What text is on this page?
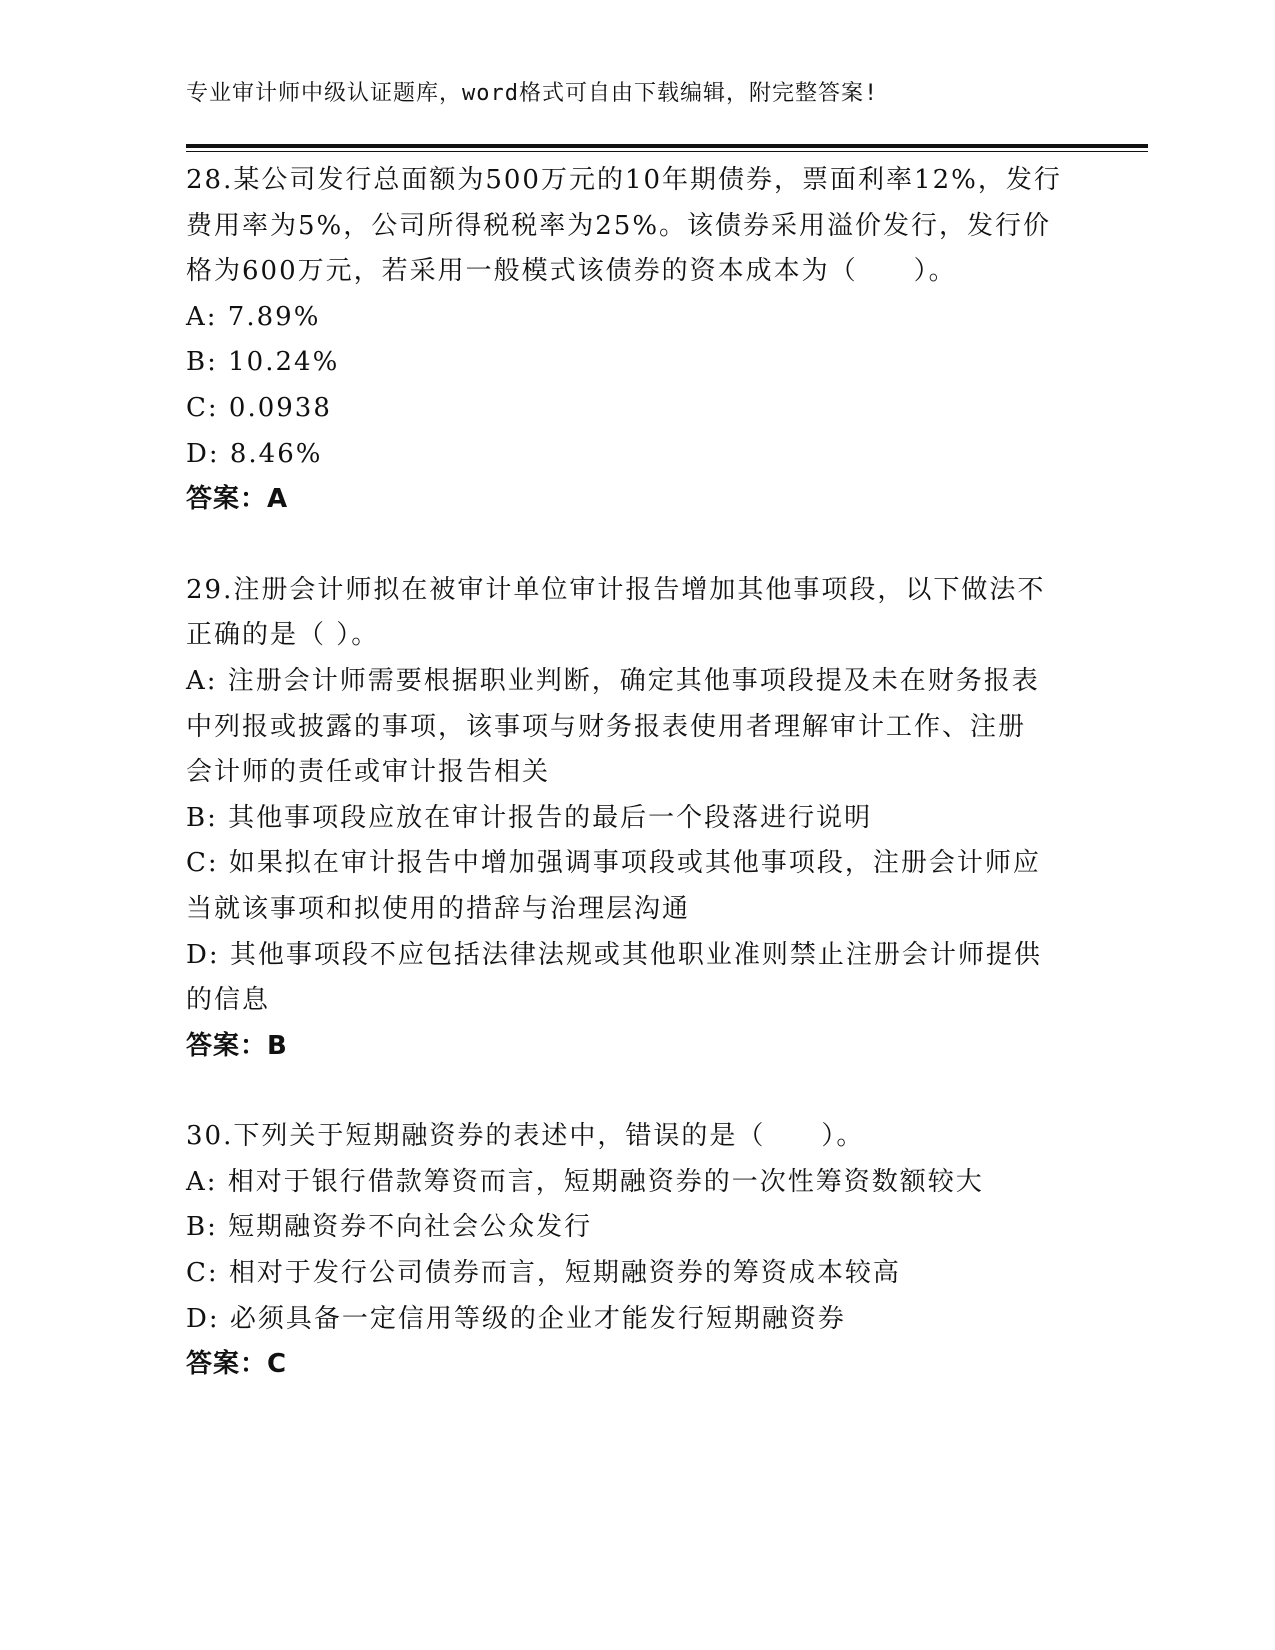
专业审计师中级认证题库，word格式可自由下载编辑，附完整答案!
28.某公司发行总面额为500万元的10年期债券，票面利率12%，发行
费用率为5%，公司所得税税率为25%。该债券采用溢价发行，发行价
格为600万元，若采用一般模式该债券的资本成本为（　　）。
A: 7.89%
B: 10.24%
C: 0.0938
D: 8.46%
答案：A
29.注册会计师拟在被审计单位审计报告增加其他事项段，以下做法不
正确的是（ ）。
A: 注册会计师需要根据职业判断，确定其他事项段提及未在财务报表
中列报或披露的事项，该事项与财务报表使用者理解审计工作、注册
会计师的责任或审计报告相关
B: 其他事项段应放在审计报告的最后一个段落进行说明
C: 如果拟在审计报告中增加强调事项段或其他事项段，注册会计师应
当就该事项和拟使用的措辞与治理层沟通
D: 其他事项段不应包括法律法规或其他职业准则禁止注册会计师提供
的信息
答案：B
30.下列关于短期融资券的表述中，错误的是（　　）。
A: 相对于银行借款筹资而言，短期融资券的一次性筹资数额较大
B: 短期融资券不向社会公众发行
C: 相对于发行公司债券而言，短期融资券的筹资成本较高
D: 必须具备一定信用等级的企业才能发行短期融资券
答案：C
